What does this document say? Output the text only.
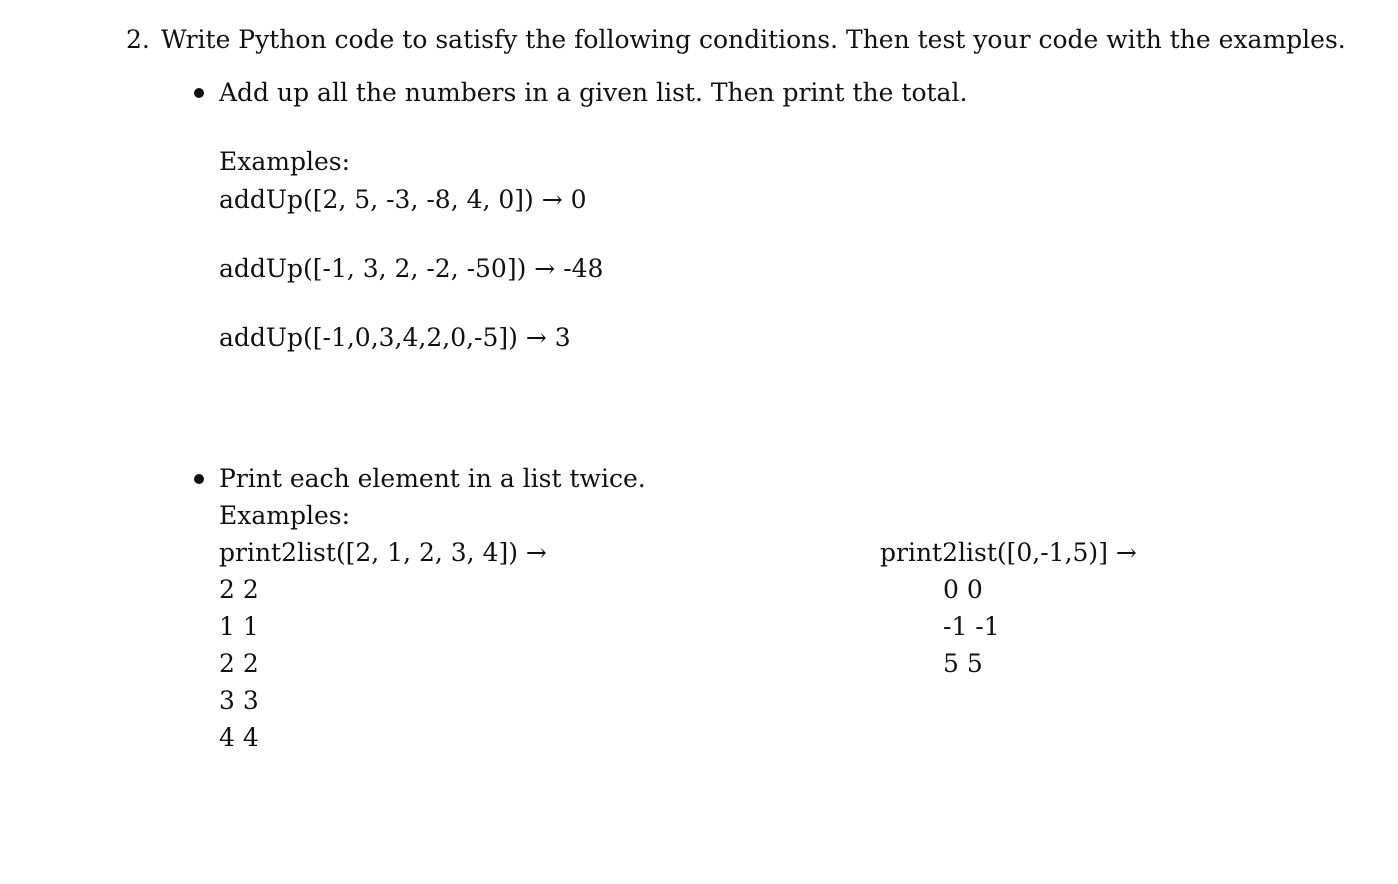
2. Write Python code to satisfy the following conditions. Then test your code with the examples.
Add up all the numbers in a given list. Then print the total.
Examples:
addUp([2, 5, -3, -8, 4, 0]) → 0
addUp([-1, 3, 2, -2, -50]) → -48
addUp([-1,0,3,4,2,0,-5]) → 3
Print each element in a list twice.
Examples:
print2list([2, 1, 2, 3, 4]) →
2 2
1 1
2 2
3 3
4 4
print2list([0,-1,5)] →
0 0
-1 -1
5 5
